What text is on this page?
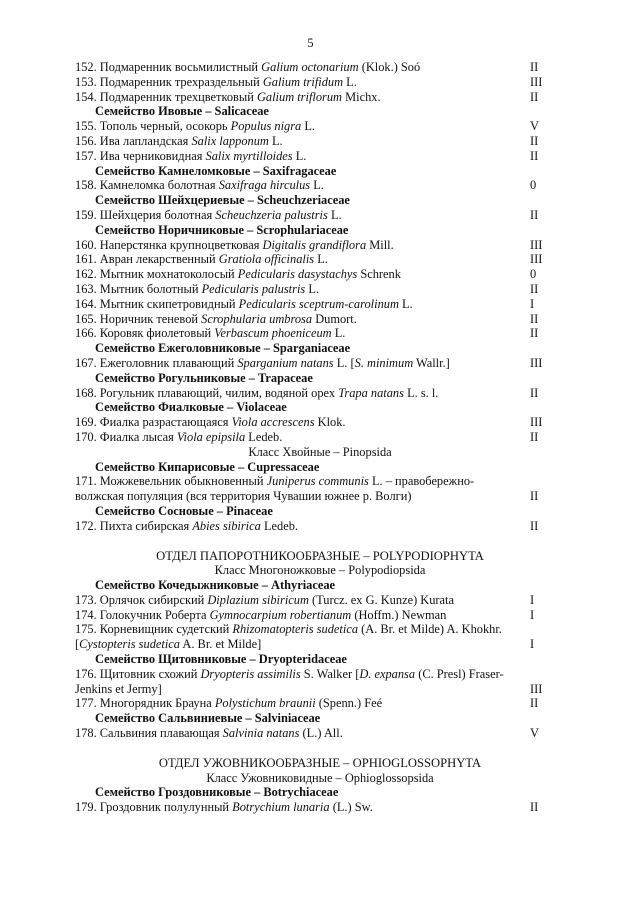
5
152. Подмаренник восьмилистный Galium octonarium (Klok.) Soó	II
153. Подмаренник трехраздельный Galium trifidum L.	III
154. Подмаренник трехцветковый Galium triflorum Michx.	II
Семейство Ивовые – Salicaceae
155. Тополь черный, осокорь Populus nigra L.	V
156. Ива лапландская Salix lapponum L.	II
157. Ива черниковидная Salix myrtilloides L.	II
Семейство Камнеломковые – Saxifragaceae
158. Камнеломка болотная Saxifraga hirculus L.	0
Семейство Шейхцериевые – Scheuchzeriaceae
159. Шейхцерия болотная Scheuchzeria palustris L.	II
Семейство Норичниковые – Scrophulariaceae
160. Наперстянка крупноцветковая Digitalis grandiflora Mill.	III
161. Авран лекарственный Gratiola officinalis L.	III
162. Мытник мохнатоколосый Pedicularis dasystachys Schrenk	0
163. Мытник болотный Pedicularis palustris L.	II
164. Мытник скипетровидный Pedicularis sceptrum-carolinum L.	I
165. Норичник теневой Scrophularia umbrosa Dumort.	II
166. Коровяк фиолетовый Verbascum phoeniceum L.	II
Семейство Ежеголовниковые – Sparganiaceae
167. Ежеголовник плавающий Sparganium natans L. [S. minimum Wallr.]	III
Семейство Рогульниковые – Trapaceae
168. Рогульник плавающий, чилим, водяной орех Trapa natans L. s. l.	II
Семейство Фиалковые – Violaceae
169. Фиалка разрастающаяся Viola accrescens Klok.	III
170. Фиалка лысая Viola epipsila Ledeb.	II
Класс Хвойные – Pinopsida
Семейство Кипарисовые – Cupressaceae
171. Можжевельник обыкновенный Juniperus communis L. – правобережно-волжская популяция (вся территория Чувашии южнее р. Волги)	II
Семейство Сосновые – Pinaceae
172. Пихта сибирская Abies sibirica Ledeb.	II
ОТДЕЛ ПАПОРОТНИКООБРАЗНЫЕ – POLYPODIOPHYTA
Класс Многоножковые – Polypodiopsida
Семейство Кочедыжниковые – Athyriaceae
173. Орлячок сибирский Diplazium sibiricum (Turcz. ex G. Kunze) Kurata	I
174. Голокучник Роберта Gymnocarpium robertianum (Hoffm.) Newman	I
175. Корневищник судетский Rhizomatopteris sudetica (A. Br. et Milde) A. Khokhr. [Cystopteris sudetica A. Br. et Milde]	I
Семейство Щитовниковые – Dryopteridaceae
176. Щитовник схожий Dryopteris assimilis S. Walker [D. expansa (C. Presl) Fraser-Jenkins et Jermy]	III
177. Многорядник Брауна Polystichum braunii (Spenn.) Feé	II
Семейство Сальвиниевые – Salviniaceae
178. Сальвиния плавающая Salvinia natans (L.) All.	V
ОТДЕЛ УЖОВНИКООБРАЗНЫЕ – OPHIOGLOSSOPHYTA
Класс Ужовниковидные – Ophioglossopsida
Семейство Гроздовниковые – Botrychiaceae
179. Гроздовник полулунный Botrychium lunaria (L.) Sw.	II
